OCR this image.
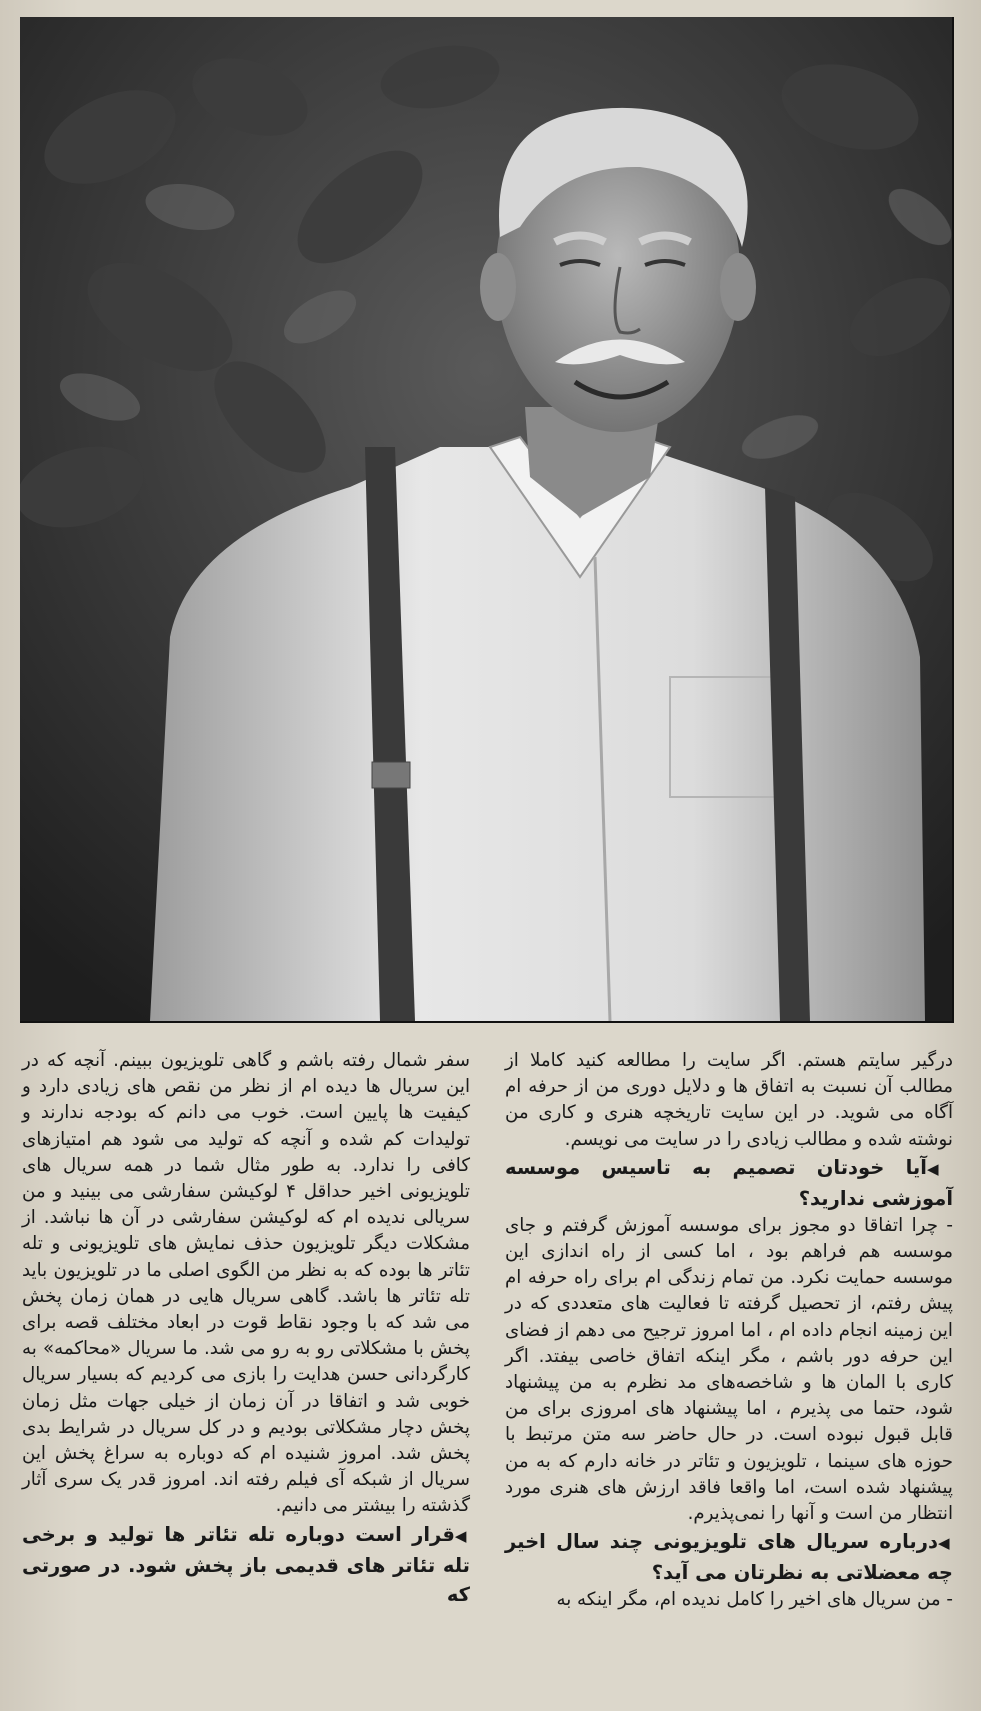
درگیر سایتم هستم. اگر سایت را مطالعه کنید کاملا از مطالب آن نسبت به اتفاق ها و دلایل دوری من از حرفه ام آگاه می شوید. در این سایت تاریخچه هنری و کاری من نوشته شده و مطالب زیادی را در سایت می نویسم.

◀آیا خودتان تصمیم به تاسیس موسسه آموزشی ندارید؟

- چرا اتفاقا دو مجوز برای موسسه آموزش گرفتم و جای موسسه هم فراهم بود ، اما کسی از راه اندازی این موسسه حمایت نکرد. من تمام زندگی ام برای راه حرفه ام پیش رفتم، از تحصیل گرفته تا فعالیت های متعددی که در این زمینه انجام داده ام ، اما امروز ترجیح می دهم از فضای این حرفه دور باشم ، مگر اینکه اتفاق خاصی بیفتد. اگر کاری با المان ها و شاخصه‌های مد نظرم به من پیشنهاد شود، حتما می پذیرم ، اما پیشنهاد های امروزی برای من قابل قبول نبوده است. در حال حاضر سه متن مرتبط با حوزه های سینما ، تلویزیون و تئاتر در خانه دارم که به من پیشنهاد شده است، اما واقعا فاقد ارزش های هنری مورد انتظار من است و آنها را نمی‌پذیرم.

◀درباره سریال های تلویزیونی چند سال اخیر چه معضلاتی به نظرتان می آید؟

- من سریال های اخیر را کامل ندیده ام، مگر اینکه به

سفر شمال رفته باشم و گاهی تلویزیون ببینم. آنچه که در این سریال ها دیده ام از نظر من نقص های زیادی دارد و کیفیت ها پایین است. خوب می دانم که بودجه ندارند و تولیدات کم شده و آنچه که تولید می شود هم امتیازهای کافی را ندارد. به طور مثال شما در همه سریال های تلویزیونی اخیر حداقل ۴ لوکیشن سفارشی می بینید و من سریالی ندیده ام که لوکیشن سفارشی در آن ها نباشد. از مشکلات دیگر تلویزیون حذف نمایش های تلویزیونی و تله تئاتر ها بوده که به نظر من الگوی اصلی ما در تلویزیون باید تله تئاتر ها باشد. گاهی سریال هایی در همان زمان پخش می شد که با وجود نقاط قوت در ابعاد مختلف قصه برای پخش با مشکلاتی رو به رو می شد. ما سریال «محاکمه» به کارگردانی حسن هدایت را بازی می کردیم که بسیار سریال خوبی شد و اتفاقا در آن زمان از خیلی جهات مثل زمان پخش دچار مشکلاتی بودیم و در کل سریال در شرایط بدی پخش شد. امروز شنیده ام که دوباره به سراغ پخش این سریال از شبکه آی فیلم رفته اند. امروز قدر یک سری آثار گذشته را بیشتر می دانیم.

◀قرار است دوباره تله تئاتر ها تولید و برخی تله تئاتر های قدیمی باز پخش شود. در صورتی که
